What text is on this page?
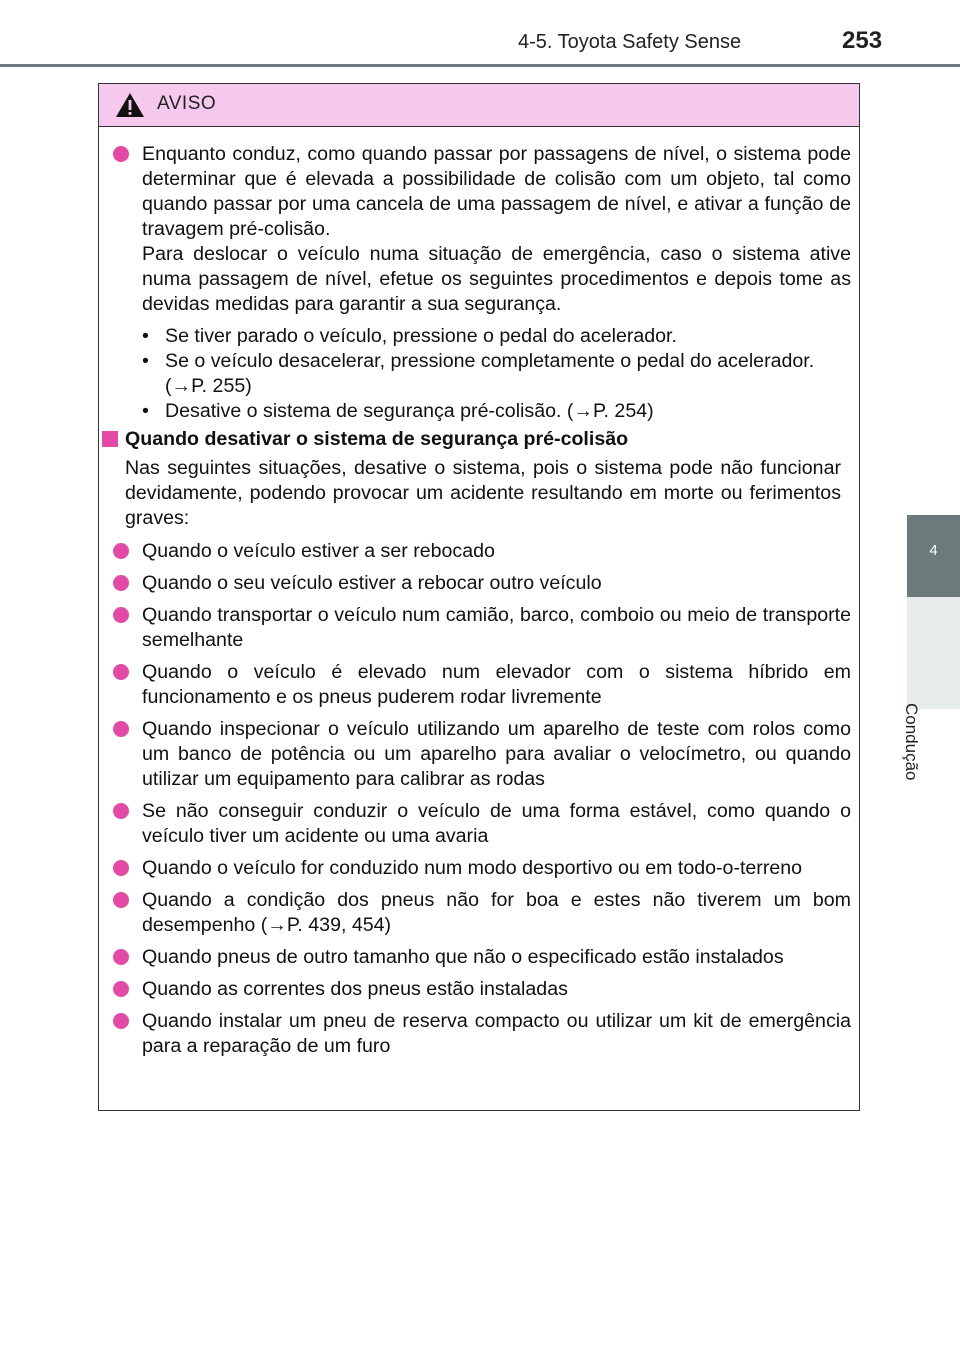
4-5. Toyota Safety Sense	253
4
Condução
AVISO

Enquanto conduz, como quando passar por passagens de nível, o sistema pode determinar que é elevada a possibilidade de colisão com um objeto, tal como quando passar por uma cancela de uma passagem de nível, e ativar a função de travagem pré-colisão.

Para deslocar o veículo numa situação de emergência, caso o sistema ative numa passagem de nível, efetue os seguintes procedimentos e depois tome as devidas medidas para garantir a sua segurança.

• Se tiver parado o veículo, pressione o pedal do acelerador.
• Se o veículo desacelerar, pressione completamente o pedal do acelerador. (→P. 255)
• Desative o sistema de segurança pré-colisão. (→P. 254)
Quando desativar o sistema de segurança pré-colisão
Nas seguintes situações, desative o sistema, pois o sistema pode não funcionar devidamente, podendo provocar um acidente resultando em morte ou ferimentos graves:
Quando o veículo estiver a ser rebocado
Quando o seu veículo estiver a rebocar outro veículo
Quando transportar o veículo num camião, barco, comboio ou meio de transporte semelhante
Quando o veículo é elevado num elevador com o sistema híbrido em funcionamento e os pneus puderem rodar livremente
Quando inspecionar o veículo utilizando um aparelho de teste com rolos como um banco de potência ou um aparelho para avaliar o velocímetro, ou quando utilizar um equipamento para calibrar as rodas
Se não conseguir conduzir o veículo de uma forma estável, como quando o veículo tiver um acidente ou uma avaria
Quando o veículo for conduzido num modo desportivo ou em todo-o-terreno
Quando a condição dos pneus não for boa e estes não tiverem um bom desempenho (→P. 439, 454)
Quando pneus de outro tamanho que não o especificado estão instalados
Quando as correntes dos pneus estão instaladas
Quando instalar um pneu de reserva compacto ou utilizar um kit de emergência para a reparação de um furo
